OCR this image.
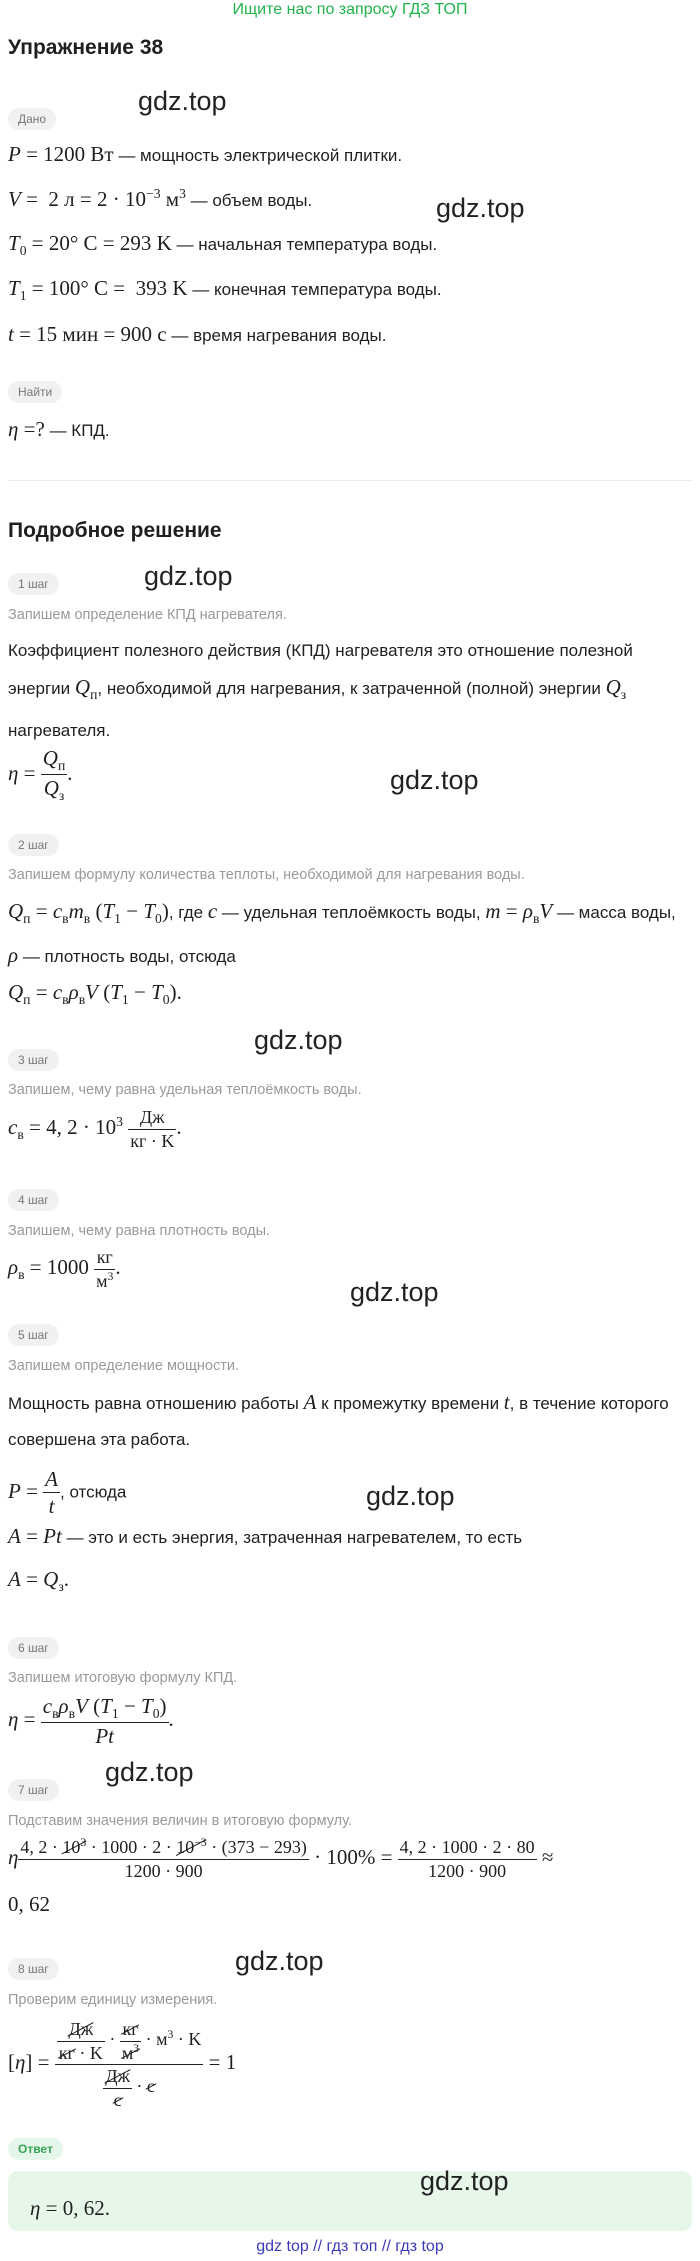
Ищите нас по запросу ГДЗ ТОП
Упражнение 38
Дано
gdz.top
P = 1200 Вт — мощность электрической плитки.
gdz.top
V =  2 $л = 2 \cdot 10^{-3}$ $м^3$ — объем воды.
$T_0 = 20^\circ$ C = 293 K — начальная температура воды.
$T_1 = 100^\circ$ C =  393 K — конечная температура воды.
t = 15 мин = 900 с — время нагревания воды.
Найти
η =? — КПД.
Подробное решение
1 шаг	gdz.top
Запишем определение КПД нагревателя.
Коэффициент полезного действия (КПД) нагревателя это отношение полезной энергии $Q_п$, необходимой для нагревания, к затраченной (полной) энергии $Q_з$ нагревателя.
$\eta = \frac{Q_п}{Q_з}$ .	gdz.top
2 шаг
Запишем формулу количества теплоты, необходимой для нагревания воды.
$Q_п = c_вm_в$ $(T_1 - T_0)$, где c — удельная теплоёмкость воды, $m = \rho_вV$ — масса воды, ρ — плотность воды, отсюда
$Q_п = c_в\rho_вV$ $(T_1 - T_0)$.
gdz.top
3 шаг
Запишем, чему равна удельная теплоёмкость воды.
$c_в = 4$, $2 \cdot 10^3 \frac{Дж}{кг \cdot K}$ .
4 шаг
Запишем, чему равна плотность воды.
$\rho_в = 1000 \frac{кг}{м^3}$ .
gdz.top
5 шаг
Запишем определение мощности.
Мощность равна отношению работы A к промежутку времени t, в течение которого совершена эта работа.
$P = \frac{A}{t}$ , отсюда	gdz.top
A = Pt — это и есть энергия, затраченная нагревателем, то есть
$A = Q_з$.
6 шаг
Запишем итоговую формулу КПД.
$\eta = \frac{c_в\rho_вV (T_1 - T_0)}{Pt}$ .
gdz.top
7 шаг
Подставим значения величин в итоговую формулу.
η $\frac{4, 2 \cdot 10^3 \cdot 1000 \cdot 2 \cdot 10^{-3} \cdot (373 - 293)}{1200 \cdot 900} \cdot 100\% = \frac{4, 2 \cdot 1000 \cdot 2 \cdot 80}{1200 \cdot 900}$ ≈
0, 62
8 шаг	gdz.top
Проверим единицу измерения.
$[\eta] = \frac{\frac{Дж}{кг \cdot K} \cdot \frac{кг}{м^3} \cdot м^3 \cdot K}{\frac{Дж}{с} \cdot с} = 1$
Ответ
η = 0, 62.
gdz.top
gdz top // гдз топ // гдз top
